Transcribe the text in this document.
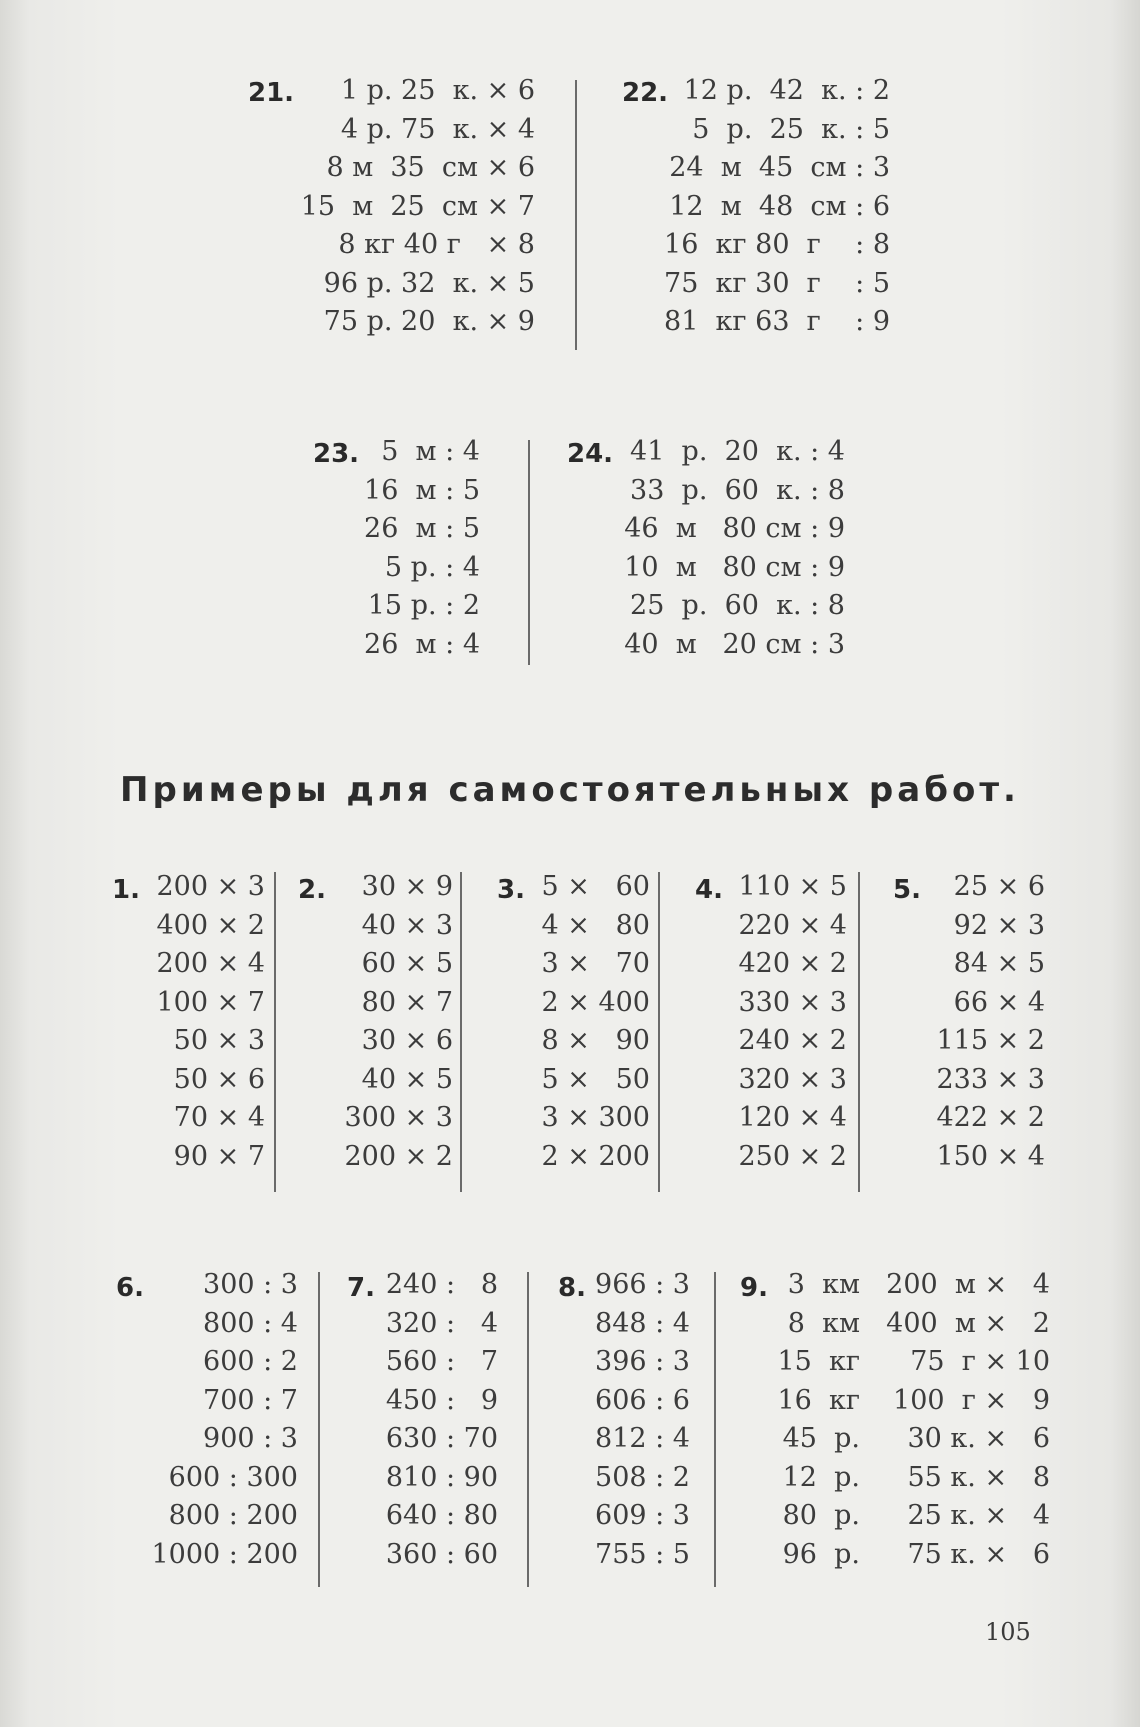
21.	1 р. 25  к. × 6
4 р. 75  к. × 4
8 м  35  см × 6
15  м  25  см × 7
8 кг 40 г   × 8
96 р. 32  к. × 5
75 р. 20  к. × 9
22. 12 р.  42  к. : 2
5  р.  25  к. : 5
24  м  45  см : 3
12  м  48  см : 6
16  кг 80  г    : 8
75  кг 30  г    : 5
81  кг 63  г    : 9
23. 5  м : 4
16  м : 5
26  м : 5
5 р. : 4
15 р. : 2
26  м : 4
24. 41  р.  20  к. : 4
33  р.  60  к. : 8
46  м   80 см : 9
10  м   80 см : 9
25  р.  60  к. : 8
40  м   20 см : 3
Примеры для самостоятельных работ.
1. 200 × 3
400 × 2
200 × 4
100 × 7
50 × 3
50 × 6
70 × 4
90 × 7
2.	30 × 9
40 × 3
60 × 5
80 × 7
30 × 6
40 × 5
300 × 3
200 × 2
3. 5 ×   60
4 ×   80
3 ×   70
2 × 400
8 ×   90
5 ×   50
3 × 300
2 × 200
4. 110 × 5
220 × 4
420 × 2
330 × 3
240 × 2
320 × 3
120 × 4
250 × 2
5.	25 × 6
92 × 3
84 × 5
66 × 4
115 × 2
233 × 3
422 × 2
150 × 4
6.	300 : 3
800 : 4
600 : 2
700 : 7
900 : 3
600 : 300
800 : 200
1000 : 200
7. 240 :   8
320 :   4
560 :   7
450 :   9
630 : 70
810 : 90
640 : 80
360 : 60
8. 966 : 3
848 : 4
396 : 3
606 : 6
812 : 4
508 : 2
609 : 3
755 : 5
9. 3  км 200  м ×   4
8  км 400  м ×   2
15  кг 75  г × 10
16  кг 100  г ×   9
45  р. 30 к. ×   6
12  р. 55 к. ×   8
80  р. 25 к. ×   4
96  р. 75 к. ×   6
105
